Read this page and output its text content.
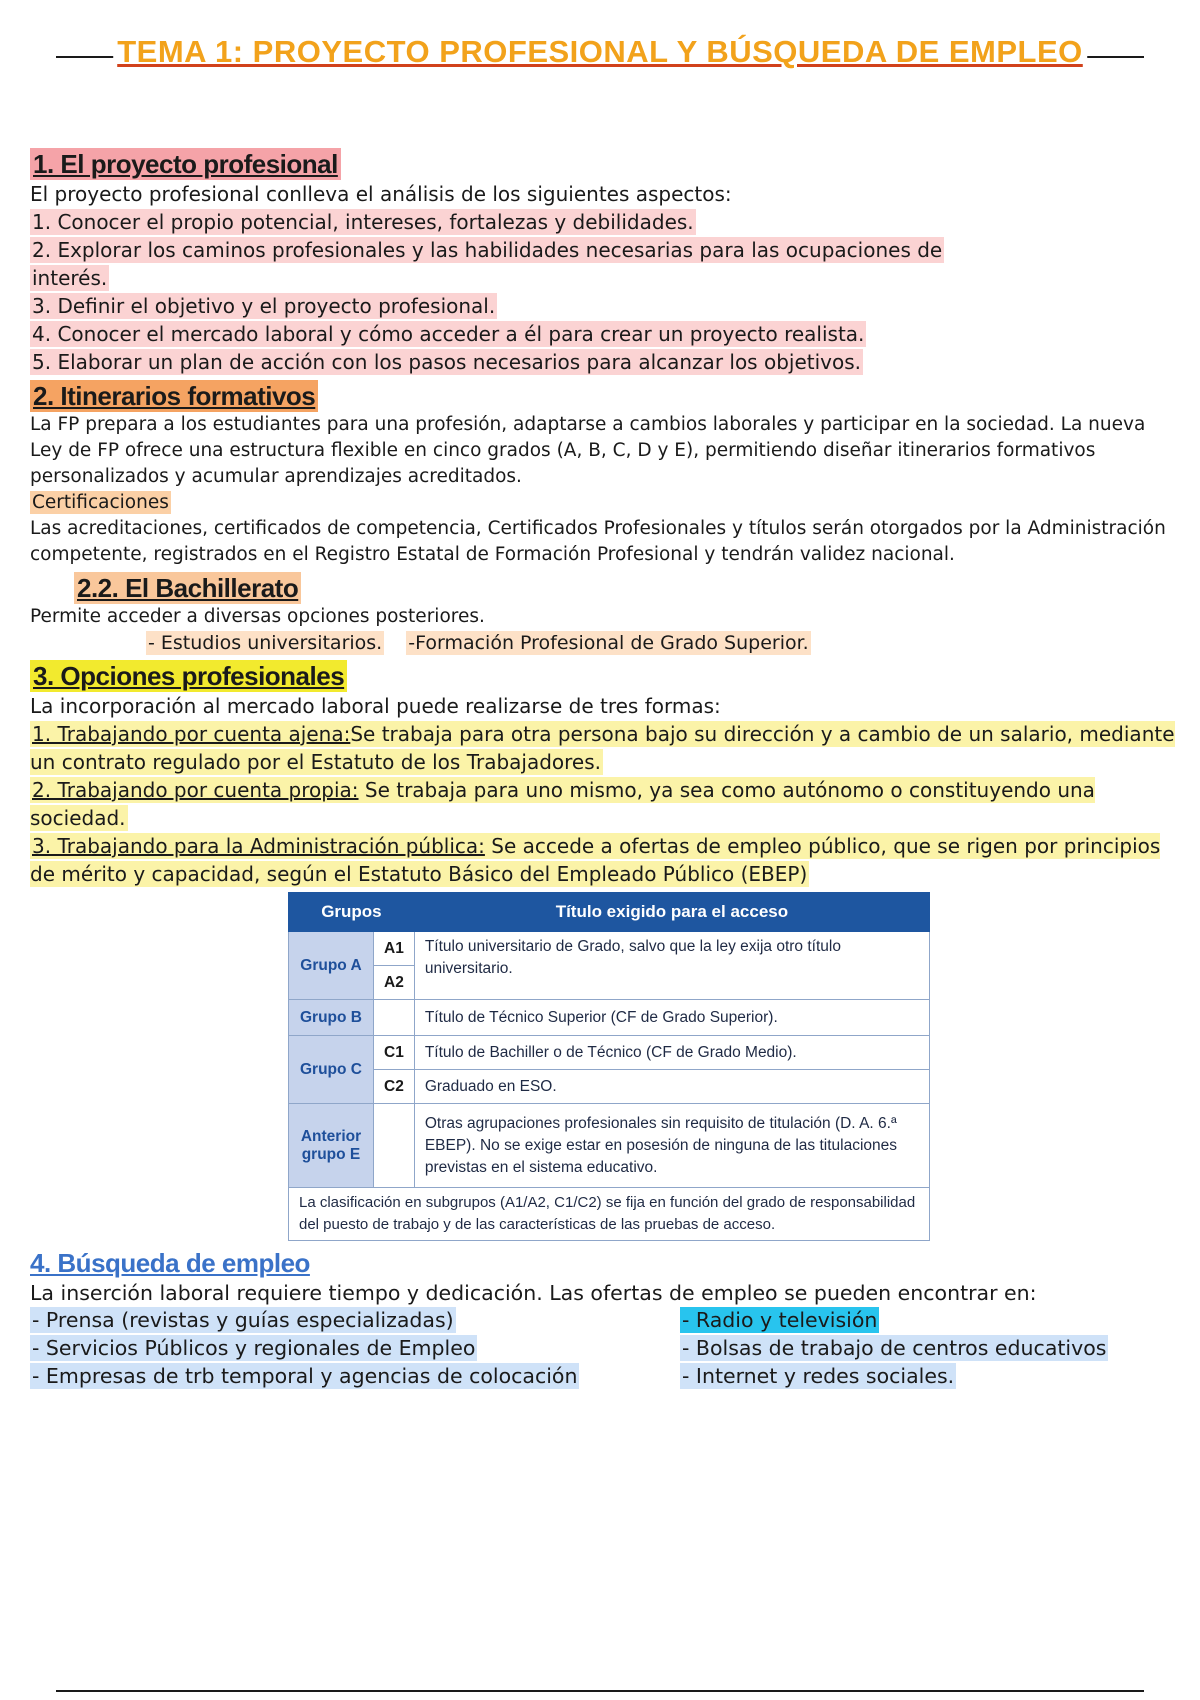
TEMA 1: PROYECTO PROFESIONAL Y BÚSQUEDA DE EMPLEO
1. El proyecto profesional

El proyecto profesional conlleva el análisis de los siguientes aspectos:

1. Conocer el propio potencial, intereses, fortalezas y debilidades.

2. Explorar los caminos profesionales y las habilidades necesarias para las ocupaciones de

interés.

3. Definir el objetivo y el proyecto profesional.

4. Conocer el mercado laboral y cómo acceder a él para crear un proyecto realista.

5. Elaborar un plan de acción con los pasos necesarios para alcanzar los objetivos.

2. Itinerarios formativos

La FP prepara a los estudiantes para una profesión, adaptarse a cambios laborales y participar en la sociedad. La nueva Ley de FP ofrece una estructura flexible en cinco grados (A, B, C, D y E), permitiendo diseñar itinerarios formativos personalizados y acumular aprendizajes acreditados.

Certificaciones

Las acreditaciones, certificados de competencia, Certificados Profesionales y títulos serán otorgados por la Administración competente, registrados en el Registro Estatal de Formación Profesional y tendrán validez nacional.

2.2. El Bachillerato

Permite acceder a diversas opciones posteriores.

- Estudios universitarios. -Formación Profesional de Grado Superior.

3. Opciones profesionales

La incorporación al mercado laboral puede realizarse de tres formas:

1. Trabajando por cuenta ajena:Se trabaja para otra persona bajo su dirección y a cambio de un salario, mediante un contrato regulado por el Estatuto de los Trabajadores.

2. Trabajando por cuenta propia: Se trabaja para uno mismo, ya sea como autónomo o constituyendo una sociedad.

3. Trabajando para la Administración pública: Se accede a ofertas de empleo público, que se rigen por principios de mérito y capacidad, según el Estatuto Básico del Empleado Público (EBEP)

Grupos		Título exigido para el acceso
Grupo A	A1	Título universitario de Grado, salvo que la ley exija otro título universitario.
	A2	
Grupo B		Título de Técnico Superior (CF de Grado Superior).
Grupo C	C1	Título de Bachiller o de Técnico (CF de Grado Medio).
	C2	Graduado en ESO.
Anterior grupo E		Otras agrupaciones profesionales sin requisito de titulación (D. A. 6.ª EBEP). No se exige estar en posesión de ninguna de las titulaciones previstas en el sistema educativo.
La clasificación en subgrupos (A1/A2, C1/C2) se fija en función del grado de responsabilidad del puesto de trabajo y de las características de las pruebas de acceso.		
4. Búsqueda de empleo

La inserción laboral requiere tiempo y dedicación. Las ofertas de empleo se pueden encontrar en:

- Prensa (revistas y guías especializadas)	- Radio y televisión
- Servicios Públicos y regionales de Empleo	- Bolsas de trabajo de centros educativos
- Empresas de trb temporal y agencias de colocación	- Internet y redes sociales.
